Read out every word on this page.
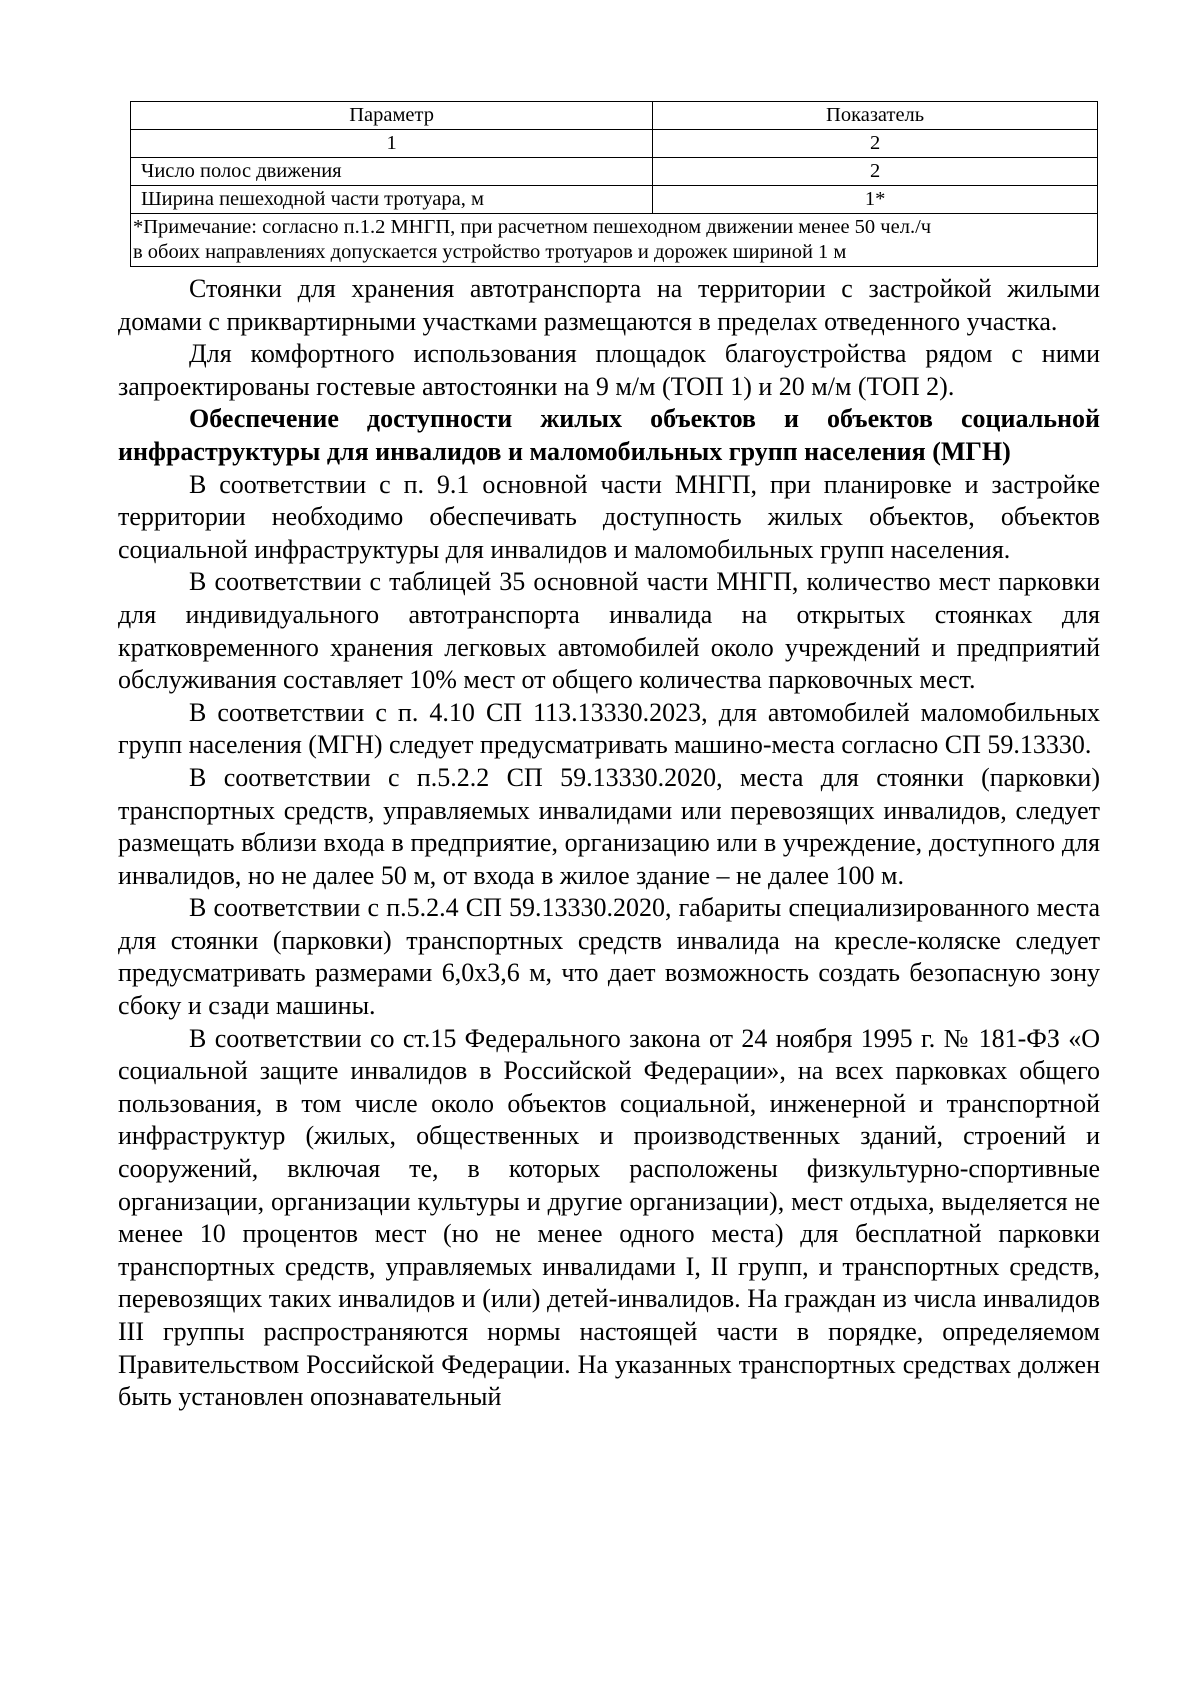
Параметр	Показатель
1	2
Число полос движения	2
Ширина пешеходной части тротуара, м	1*

*Примечание: согласно п.1.2 МНГП, при расчетном пешеходном движении менее 50 чел./ч
в обоих направлениях допускается устройство тротуаров и дорожек шириной 1 м	

Стоянки для хранения автотранспорта на территории с застройкой жилыми домами с приквартирными участками размещаются в пределах отведенного участка.

Для комфортного использования площадок благоустройства рядом с ними запроектированы гостевые автостоянки на 9 м/м (ТОП 1) и 20 м/м (ТОП 2).

Обеспечение доступности жилых объектов и объектов социальной инфраструктуры для инвалидов и маломобильных групп населения (МГН)

В соответствии с п. 9.1 основной части МНГП, при планировке и застройке территории необходимо обеспечивать доступность жилых объектов, объектов социальной инфраструктуры для инвалидов и маломобильных групп населения.

В соответствии с таблицей 35 основной части МНГП, количество мест парковки для индивидуального автотранспорта инвалида на открытых стоянках для кратковременного хранения легковых автомобилей около учреждений и предприятий обслуживания составляет 10% мест от общего количества парковочных мест.

В соответствии с п. 4.10 СП 113.13330.2023, для автомобилей маломобильных групп населения (МГН) следует предусматривать машино-места согласно СП 59.13330.

В соответствии с п.5.2.2 СП 59.13330.2020, места для стоянки (парковки) транспортных средств, управляемых инвалидами или перевозящих инвалидов, следует размещать вблизи входа в предприятие, организацию или в учреждение, доступного для инвалидов, но не далее 50 м, от входа в жилое здание – не далее 100 м.

В соответствии с п.5.2.4 СП 59.13330.2020, габариты специализированного места для стоянки (парковки) транспортных средств инвалида на кресле-коляске следует предусматривать размерами 6,0х3,6 м, что дает возможность создать безопасную зону сбоку и сзади машины.

В соответствии со ст.15 Федерального закона от 24 ноября 1995 г. № 181-ФЗ «О социальной защите инвалидов в Российской Федерации», на всех парковках общего пользования, в том числе около объектов социальной, инженерной и транспортной инфраструктур (жилых, общественных и производственных зданий, строений и сооружений, включая те, в которых расположены физкультурно-спортивные организации, организации культуры и другие организации), мест отдыха, выделяется не менее 10 процентов мест (но не менее одного места) для бесплатной парковки транспортных средств, управляемых инвалидами I, II групп, и транспортных средств, перевозящих таких инвалидов и (или) детей-инвалидов. На граждан из числа инвалидов III группы распространяются нормы настоящей части в порядке, определяемом Правительством Российской Федерации. На указанных транспортных средствах должен быть установлен опознавательный
